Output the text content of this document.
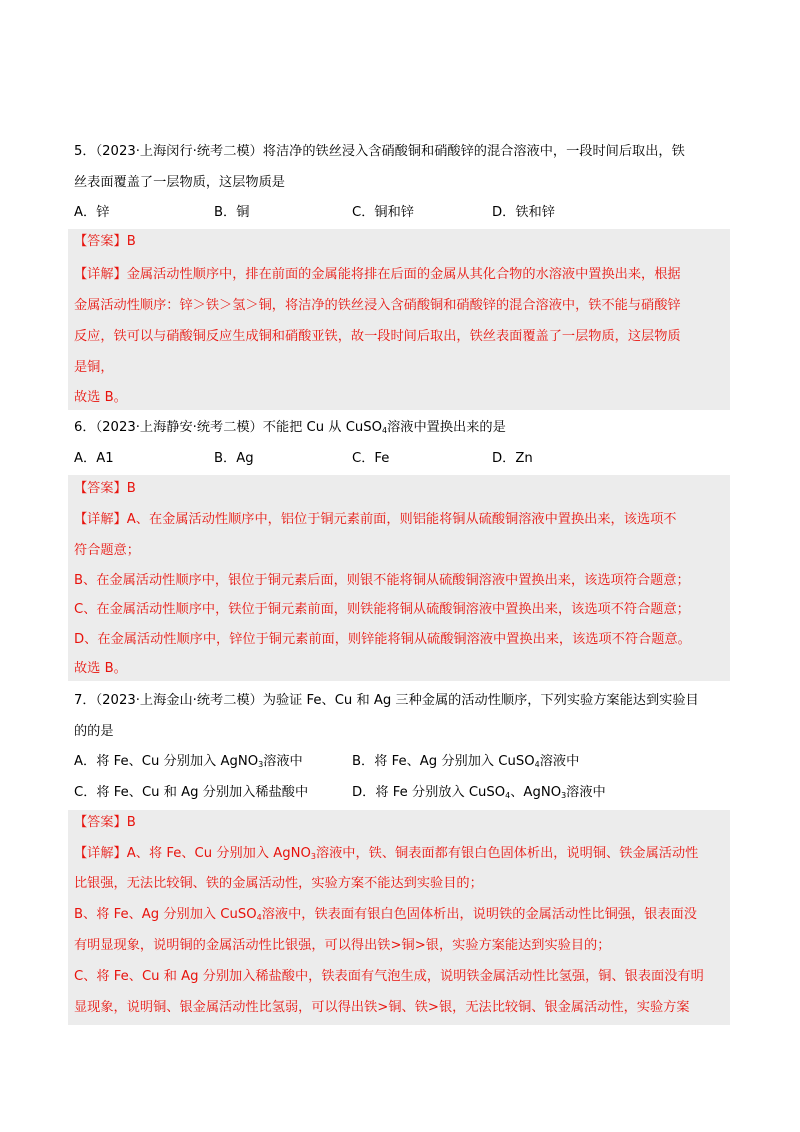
5．（2023·上海闵行·统考二模）将洁净的铁丝浸入含硝酸铜和硝酸锌的混合溶液中，一段时间后取出，铁
丝表面覆盖了一层物质，这层物质是
A．锌	B．铜	C．铜和锌	D．铁和锌
【答案】B
【详解】金属活动性顺序中，排在前面的金属能将排在后面的金属从其化合物的水溶液中置换出来，根据
金属活动性顺序：锌＞铁＞氢＞铜，将洁净的铁丝浸入含硝酸铜和硝酸锌的混合溶液中，铁不能与硝酸锌
反应，铁可以与硝酸铜反应生成铜和硝酸亚铁，故一段时间后取出，铁丝表面覆盖了一层物质，这层物质
是铜，
故选 B。
6．（2023·上海静安·统考二模）不能把 Cu 从 CuSO$_4$溶液中置换出来的是
A．A1	B．Ag	C．Fe	D．Zn
【答案】B
【详解】A、在金属活动性顺序中，铝位于铜元素前面，则铝能将铜从硫酸铜溶液中置换出来，该选项不
符合题意；
B、在金属活动性顺序中，银位于铜元素后面，则银不能将铜从硫酸铜溶液中置换出来，该选项符合题意；
C、在金属活动性顺序中，铁位于铜元素前面，则铁能将铜从硫酸铜溶液中置换出来，该选项不符合题意；
D、在金属活动性顺序中，锌位于铜元素前面，则锌能将铜从硫酸铜溶液中置换出来，该选项不符合题意。
故选 B。
7．（2023·上海金山·统考二模）为验证 Fe、Cu 和 Ag 三种金属的活动性顺序，下列实验方案能达到实验目
的的是
A．将 Fe、Cu 分别加入 AgNO$_3$溶液中	B．将 Fe、Ag 分别加入 CuSO$_4$溶液中
C．将 Fe、Cu 和 Ag 分别加入稀盐酸中	D．将 Fe 分别放入 CuSO$_4$、AgNO$_3$溶液中
【答案】B
【详解】A、将 Fe、Cu 分别加入 AgNO$_3$溶液中，铁、铜表面都有银白色固体析出，说明铜、铁金属活动性
比银强，无法比较铜、铁的金属活动性，实验方案不能达到实验目的；
B、将 Fe、Ag 分别加入 CuSO$_4$溶液中，铁表面有银白色固体析出，说明铁的金属活动性比铜强，银表面没
有明显现象，说明铜的金属活动性比银强，可以得出铁>铜>银，实验方案能达到实验目的；
C、将 Fe、Cu 和 Ag 分别加入稀盐酸中，铁表面有气泡生成，说明铁金属活动性比氢强，铜、银表面没有明
显现象，说明铜、银金属活动性比氢弱，可以得出铁>铜、铁>银，无法比较铜、银金属活动性，实验方案
